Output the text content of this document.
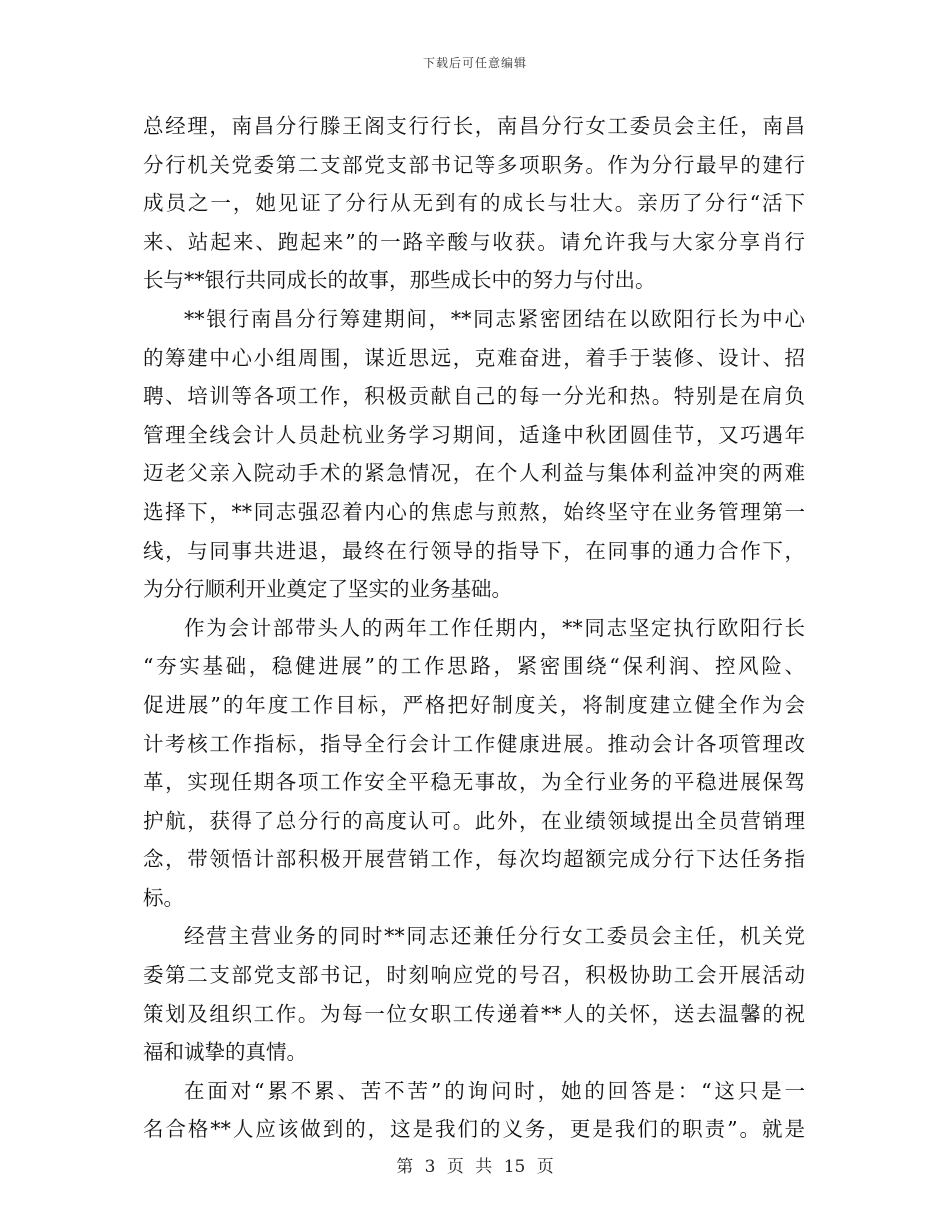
下载后可任意编辑
总经理，南昌分行滕王阁支行行长，南昌分行女工委员会主任，南昌
分行机关党委第二支部党支部书记等多项职务。作为分行最早的建行
成员之一，她见证了分行从无到有的成长与壮大。亲历了分行“活下
来、站起来、跑起来”的一路辛酸与收获。请允许我与大家分享肖行
长与**银行共同成长的故事，那些成长中的努力与付出。
**银行南昌分行筹建期间，**同志紧密团结在以欧阳行长为中心
的筹建中心小组周围，谋近思远，克难奋进，着手于装修、设计、招
聘、培训等各项工作，积极贡献自己的每一分光和热。特别是在肩负
管理全线会计人员赴杭业务学习期间，适逢中秋团圆佳节，又巧遇年
迈老父亲入院动手术的紧急情况，在个人利益与集体利益冲突的两难
选择下，**同志强忍着内心的焦虑与煎熬，始终坚守在业务管理第一
线，与同事共进退，最终在行领导的指导下，在同事的通力合作下，
为分行顺利开业奠定了坚实的业务基础。
作为会计部带头人的两年工作任期内，**同志坚定执行欧阳行长
“夯实基础，稳健进展”的工作思路，紧密围绕“保利润、控风险、
促进展”的年度工作目标，严格把好制度关，将制度建立健全作为会
计考核工作指标，指导全行会计工作健康进展。推动会计各项管理改
革，实现任期各项工作安全平稳无事故，为全行业务的平稳进展保驾
护航，获得了总分行的高度认可。此外，在业绩领域提出全员营销理
念，带领悟计部积极开展营销工作，每次均超额完成分行下达任务指
标。
经营主营业务的同时**同志还兼任分行女工委员会主任，机关党
委第二支部党支部书记，时刻响应党的号召，积极协助工会开展活动
策划及组织工作。为每一位女职工传递着**人的关怀，送去温馨的祝
福和诚挚的真情。
在面对“累不累、苦不苦”的询问时，她的回答是：“这只是一
名合格**人应该做到的，这是我们的义务，更是我们的职责”。就是
第 3 页 共 15 页
